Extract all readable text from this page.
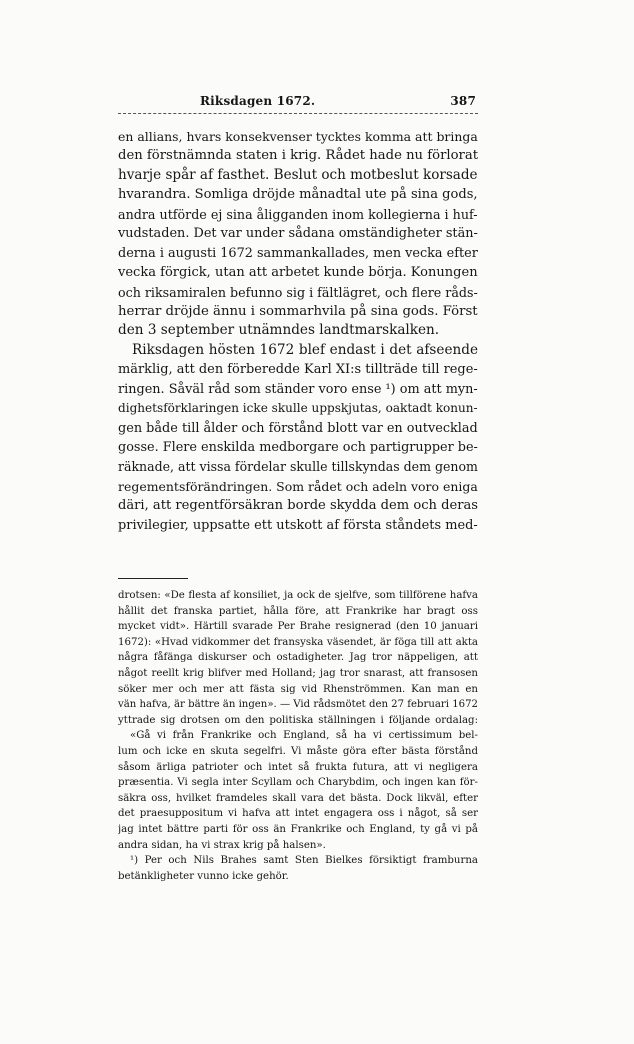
Riksdagen 1672.	387
en allians, hvars konsekvenser tycktes komma att bringa
den förstnämnda staten i krig. Rådet hade nu förlorat
hvarje spår af fasthet. Beslut och motbeslut korsade
hvarandra. Somliga dröjde månadtal ute på sina gods,
andra utförde ej sina åligganden inom kollegierna i huf-
vudstaden. Det var under sådana omständigheter stän-
derna i augusti 1672 sammankallades, men vecka efter
vecka förgick, utan att arbetet kunde börja. Konungen
och riksamiralen befunno sig i fältlägret, och flere råds-
herrar dröjde ännu i sommarhvila på sina gods. Först
den 3 september utnämndes landtmarskalken.
Riksdagen hösten 1672 blef endast i det afseende
märklig, att den förberedde Karl XI:s tillträde till rege-
ringen. Såväl råd som ständer voro ense ¹) om att myn-
dighetsförklaringen icke skulle uppskjutas, oaktadt konun-
gen både till ålder och förstånd blott var en outvecklad
gosse. Flere enskilda medborgare och partigrupper be-
räknade, att vissa fördelar skulle tillskyndas dem genom
regementsförändringen. Som rådet och adeln voro eniga
däri, att regentförsäkran borde skydda dem och deras
privilegier, uppsatte ett utskott af första ståndets med-
drotsen: «De flesta af konsiliet, ja ock de sjelfve, som tillförene hafva
hållit det franska partiet, hålla före, att Frankrike har bragt oss
mycket vidt». Härtill svarade Per Brahe resignerad (den 10 januari
1672): «Hvad vidkommer det fransyska väsendet, är föga till att akta
några fåfänga diskurser och ostadigheter. Jag tror näppeligen, att
något reellt krig blifver med Holland; jag tror snarast, att fransosen
söker mer och mer att fästa sig vid Rhenströmmen. Kan man en
vän hafva, är bättre än ingen». — Vid rådsmötet den 27 februari 1672
yttrade sig drotsen om den politiska ställningen i följande ordalag:
«Gå vi från Frankrike och England, så ha vi certissimum bel-
lum och icke en skuta segelfri. Vi måste göra efter bästa förstånd
såsom ärliga patrioter och intet så frukta futura, att vi negligera
præsentia. Vi segla inter Scyllam och Charybdim, och ingen kan för-
säkra oss, hvilket framdeles skall vara det bästa. Dock likväl, efter
det praesuppositum vi hafva att intet engagera oss i något, så ser
jag intet bättre parti för oss än Frankrike och England, ty gå vi på
andra sidan, ha vi strax krig på halsen».
¹) Per och Nils Brahes samt Sten Bielkes försiktigt framburna
betänkligheter vunno icke gehör.
